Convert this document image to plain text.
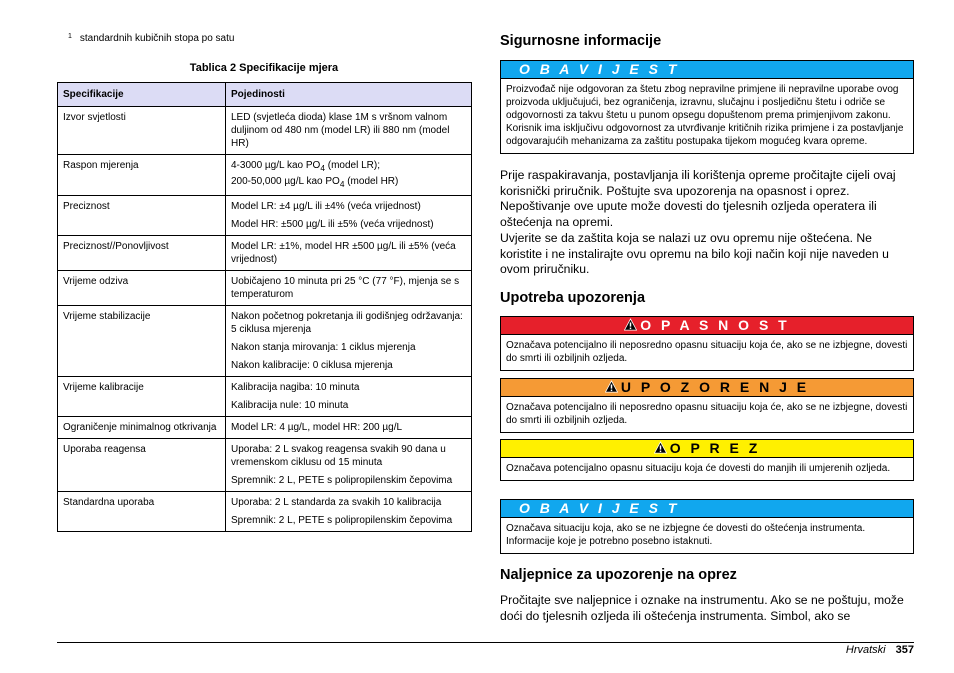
$^1$ standardnih kubičnih stopa po satu
Tablica 2 Specifikacije mjera
Specifikacije	Pojedinosti
Izvor svjetlosti	LED (svjetleća dioda) klase 1M s vršnom valnom duljinom od 480 nm (model LR) ili 880 nm (model HR)

Raspon mjerenja	4-3000 µg/L kao $PO_4$ (model LR);
200-50,000 µg/L kao $PO_4$ (model HR)

Preciznost	Model LR: ±4 µg/L ili ±4% (veća vrijednost)
Model HR: ±500 µg/L ili ±5% (veća vrijednost)

Preciznost//Ponovljivost	Model LR: ±1%, model HR ±500 µg/L ili ±5% (veća vrijednost)

Vrijeme odziva	Uobičajeno 10 minuta pri 25 °C (77 °F), mjenja se s temperaturom

Vrijeme stabilizacije	Nakon početnog pokretanja ili godišnjeg održavanja: 5 ciklusa mjerenja
Nakon stanja mirovanja: 1 ciklus mjerenja
Nakon kalibracije: 0 ciklusa mjerenja

Vrijeme kalibracije	Kalibracija nagiba: 10 minuta
Kalibracija nule: 10 minuta

Ograničenje minimalnog otkrivanja	Model LR: 4 µg/L, model HR: 200 µg/L

Uporaba reagensa	Uporaba: 2 L svakog reagensa svakih 90 dana u vremenskom ciklusu od 15 minuta
Spremnik: 2 L, PETE s polipropilenskim čepovima

Standardna uporaba	Uporaba: 2 L standarda za svakih 10 kalibracija
Spremnik: 2 L, PETE s polipropilenskim čepovima
Sigurnosne informacije
O B A V I J E S T
Proizvođač nije odgovoran za štetu zbog nepravilne primjene ili nepravilne uporabe ovog proizvoda uključujući, bez ograničenja, izravnu, slučajnu i posljedičnu štetu i odriče se odgovornosti za takvu štetu u punom opsegu dopuštenom prema primjenjivom zakonu. Korisnik ima isključivu odgovornost za utvrđivanje kritičnih rizika primjene i za postavljanje odgovarajućih mehanizama za zaštitu postupaka tijekom mogućeg kvara opreme.

Prije raspakiravanja, postavljanja ili korištenja opreme pročitajte cijeli ovaj korisnički priručnik. Poštujte sva upozorenja na opasnost i oprez. Nepoštivanje ove upute može dovesti do tjelesnih ozljeda operatera ili oštećenja na opremi.

Uvjerite se da zaštita koja se nalazi uz ovu opremu nije oštećena. Ne koristite i ne instalirajte ovu opremu na bilo koji način koji nije naveden u ovom priručniku.

Upotreba upozorenja
O P A S N O S T
Označava potencijalno ili neposredno opasnu situaciju koja će, ako se ne izbjegne, dovesti do smrti ili ozbiljnih ozljeda.
U P O Z O R E N J E
Označava potencijalno ili neposredno opasnu situaciju koja će, ako se ne izbjegne, dovesti do smrti ili ozbiljnih ozljeda.
O P R E Z
Označava potencijalno opasnu situaciju koja će dovesti do manjih ili umjerenih ozljeda.
O B A V I J E S T
Označava situaciju koja, ako se ne izbjegne će dovesti do oštećenja instrumenta. Informacije koje je potrebno posebno istaknuti.
Naljepnice za upozorenje na oprez

Pročitajte sve naljepnice i oznake na instrumentu. Ako se ne poštuju, može doći do tjelesnih ozljeda ili oštećenja instrumenta. Simbol, ako se

Hrvatski 357
